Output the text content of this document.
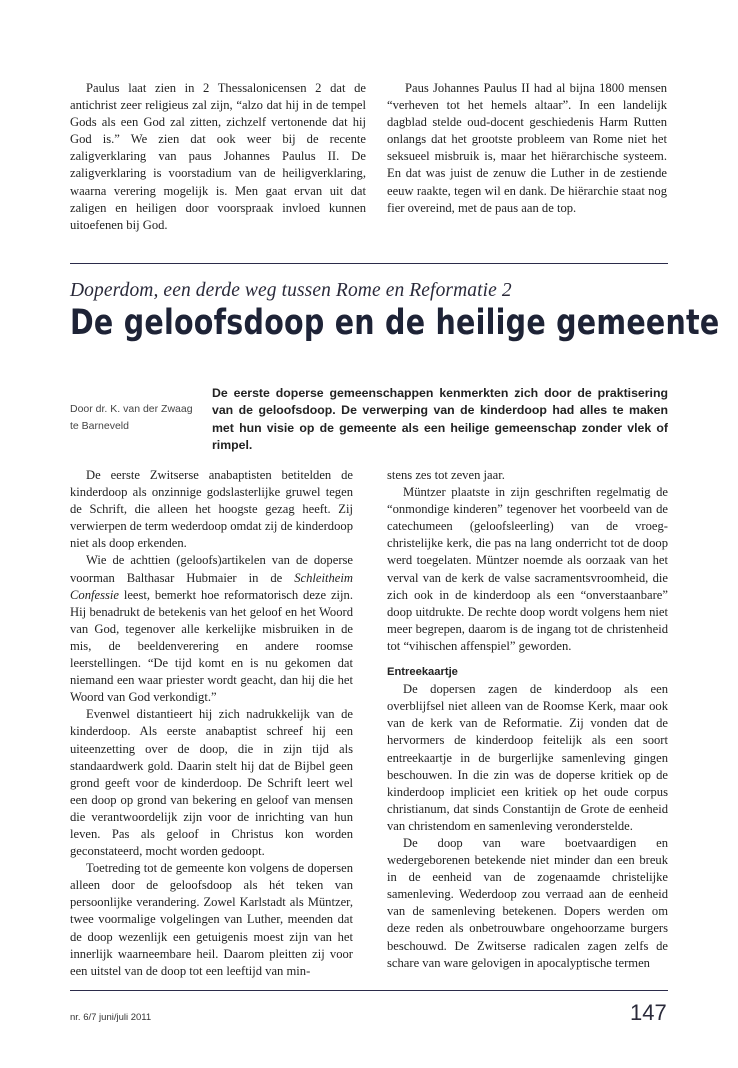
Paulus laat zien in 2 Thessalonicensen 2 dat de antichrist zeer religieus zal zijn, “alzo dat hij in de tempel Gods als een God zal zitten, zichzelf vertonende dat hij God is.” We zien dat ook weer bij de recente zaligverklaring van paus Johannes Paulus II. De zaligverklaring is voorstadium van de heiligverklaring, waarna verering mogelijk is. Men gaat ervan uit dat zaligen en heiligen door voorspraak invloed kunnen uitoefenen bij God.

Paus Johannes Paulus II had al bijna 1800 mensen “verheven tot het hemels altaar”. In een landelijk dagblad stelde oud-docent geschiedenis Harm Rutten onlangs dat het grootste probleem van Rome niet het seksueel misbruik is, maar het hiërarchische systeem. En dat was juist de zenuw die Luther in de zestiende eeuw raakte, tegen wil en dank. De hiërarchie staat nog fier overeind, met de paus aan de top.

Doperdom, een derde weg tussen Rome en Reformatie 2
De geloofsdoop en de heilige gemeente
Door dr. K. van der Zwaag
te Barneveld
De eerste doperse gemeenschappen kenmerkten zich door de praktisering van de geloofsdoop. De verwerping van de kinderdoop had alles te maken met hun visie op de gemeente als een heilige gemeenschap zonder vlek of rimpel.

De eerste Zwitserse anabaptisten betitelden de kinderdoop als onzinnige godslasterlijke gruwel tegen de Schrift, die alleen het hoogste gezag heeft. Zij verwierpen de term wederdoop omdat zij de kinderdoop niet als doop erkenden.

Wie de achttien (geloofs)artikelen van de doperse voorman Balthasar Hubmaier in de Schleitheim Confessie leest, bemerkt hoe reformatorisch deze zijn. Hij benadrukt de betekenis van het geloof en het Woord van God, tegenover alle kerkelijke misbruiken in de mis, de beeldenverering en andere roomse leerstellingen. “De tijd komt en is nu gekomen dat niemand een waar priester wordt geacht, dan hij die het Woord van God verkondigt.”

Evenwel distantieert hij zich nadrukkelijk van de kinderdoop. Als eerste anabaptist schreef hij een uiteenzetting over de doop, die in zijn tijd als standaardwerk gold. Daarin stelt hij dat de Bijbel geen grond geeft voor de kinderdoop. De Schrift leert wel een doop op grond van bekering en geloof van mensen die verantwoordelijk zijn voor de inrichting van hun leven. Pas als geloof in Christus kon worden geconstateerd, mocht worden gedoopt.

Toetreding tot de gemeente kon volgens de dopersen alleen door de geloofsdoop als hét teken van persoonlijke verandering. Zowel Karlstadt als Müntzer, twee voormalige volgelingen van Luther, meenden dat de doop wezenlijk een getuigenis moest zijn van het innerlijk waarneembare heil. Daarom pleitten zij voor een uitstel van de doop tot een leeftijd van min-

stens zes tot zeven jaar.

Müntzer plaatste in zijn geschriften regelmatig de “onmondige kinderen” tegenover het voorbeeld van de catechumeen (geloofsleerling) van de vroeg-christelijke kerk, die pas na lang onderricht tot de doop werd toegelaten. Müntzer noemde als oorzaak van het verval van de kerk de valse sacramentsvroomheid, die zich ook in de kinderdoop als een “onverstaanbare” doop uitdrukte. De rechte doop wordt volgens hem niet meer begrepen, daarom is de ingang tot de christenheid tot “vihischen affenspiel” geworden.

Entreekaartje

De dopersen zagen de kinderdoop als een overblijfsel niet alleen van de Roomse Kerk, maar ook van de kerk van de Reformatie. Zij vonden dat de hervormers de kinderdoop feitelijk als een soort entreekaartje in de burgerlijke samenleving gingen beschouwen. In die zin was de doperse kritiek op de kinderdoop impliciet een kritiek op het oude corpus christianum, dat sinds Constantijn de Grote de eenheid van christendom en samenleving veronderstelde.

De doop van ware boetvaardigen en wedergeborenen betekende niet minder dan een breuk in de eenheid van de zogenaamde christelijke samenleving. Wederdoop zou verraad aan de eenheid van de samenleving betekenen. Dopers werden om deze reden als onbetrouwbare ongehoorzame burgers beschouwd. De Zwitserse radicalen zagen zelfs de schare van ware gelovigen in apocalyptische termen

nr. 6/7 juni/juli 2011	147
